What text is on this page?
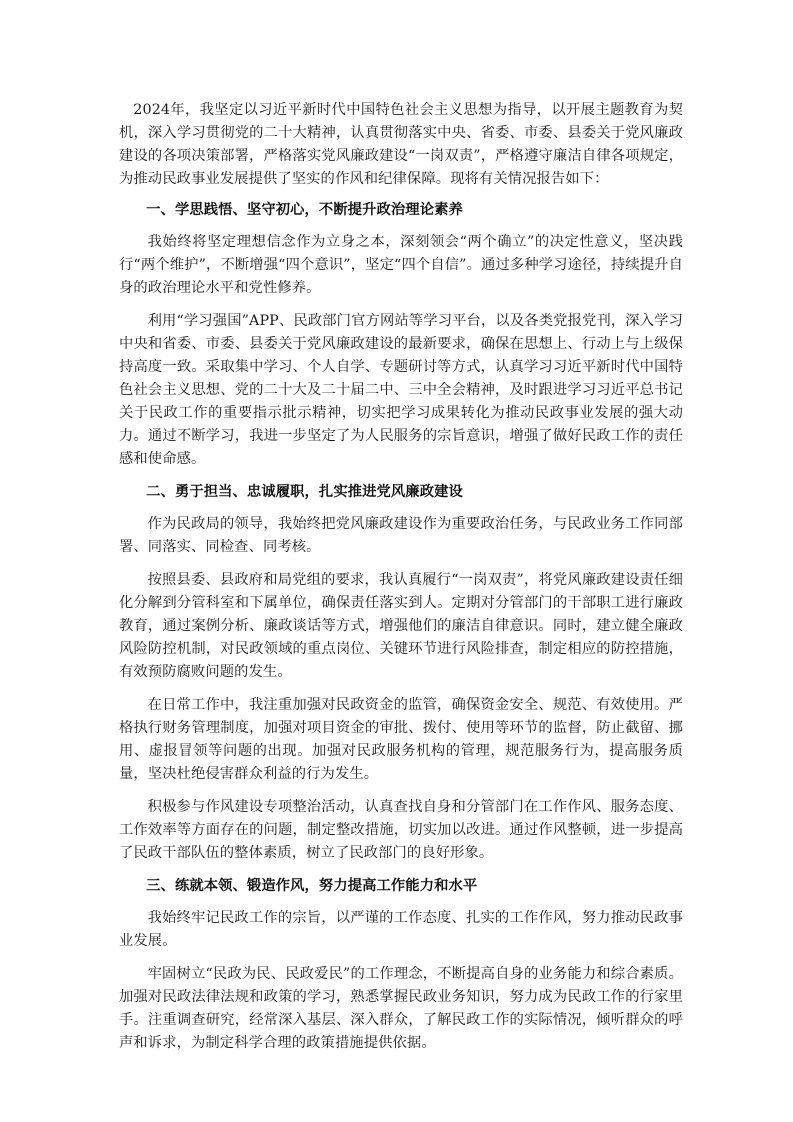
2024年，我坚定以习近平新时代中国特色社会主义思想为指导，以开展主题教育为契机，深入学习贯彻党的二十大精神，认真贯彻落实中央、省委、市委、县委关于党风廉政建设的各项决策部署，严格落实党风廉政建设“一岗双责”，严格遵守廉洁自律各项规定，为推动民政事业发展提供了坚实的作风和纪律保障。现将有关情况报告如下：

一、学思践悟、坚守初心，不断提升政治理论素养

我始终将坚定理想信念作为立身之本，深刻领会“两个确立”的决定性意义，坚决践行“两个维护”，不断增强“四个意识”，坚定“四个自信”。通过多种学习途径，持续提升自身的政治理论水平和党性修养。

利用“学习强国”APP、民政部门官方网站等学习平台，以及各类党报党刊，深入学习中央和省委、市委、县委关于党风廉政建设的最新要求，确保在思想上、行动上与上级保持高度一致。采取集中学习、个人自学、专题研讨等方式，认真学习习近平新时代中国特色社会主义思想、党的二十大及二十届二中、三中全会精神，及时跟进学习习近平总书记关于民政工作的重要指示批示精神，切实把学习成果转化为推动民政事业发展的强大动力。通过不断学习，我进一步坚定了为人民服务的宗旨意识，增强了做好民政工作的责任感和使命感。

二、勇于担当、忠诚履职，扎实推进党风廉政建设

作为民政局的领导，我始终把党风廉政建设作为重要政治任务，与民政业务工作同部署、同落实、同检查、同考核。

按照县委、县政府和局党组的要求，我认真履行“一岗双责”，将党风廉政建设责任细化分解到分管科室和下属单位，确保责任落实到人。定期对分管部门的干部职工进行廉政教育，通过案例分析、廉政谈话等方式，增强他们的廉洁自律意识。同时，建立健全廉政风险防控机制，对民政领域的重点岗位、关键环节进行风险排查，制定相应的防控措施，有效预防腐败问题的发生。

在日常工作中，我注重加强对民政资金的监管，确保资金安全、规范、有效使用。严格执行财务管理制度，加强对项目资金的审批、拨付、使用等环节的监督，防止截留、挪用、虚报冒领等问题的出现。加强对民政服务机构的管理，规范服务行为，提高服务质量，坚决杜绝侵害群众利益的行为发生。

积极参与作风建设专项整治活动，认真查找自身和分管部门在工作作风、服务态度、工作效率等方面存在的问题，制定整改措施，切实加以改进。通过作风整顿，进一步提高了民政干部队伍的整体素质，树立了民政部门的良好形象。

三、练就本领、锻造作风，努力提高工作能力和水平

我始终牢记民政工作的宗旨，以严谨的工作态度、扎实的工作作风，努力推动民政事业发展。

牢固树立“民政为民、民政爱民”的工作理念，不断提高自身的业务能力和综合素质。加强对民政法律法规和政策的学习，熟悉掌握民政业务知识，努力成为民政工作的行家里手。注重调查研究，经常深入基层、深入群众，了解民政工作的实际情况，倾听群众的呼声和诉求，为制定科学合理的政策措施提供依据。
